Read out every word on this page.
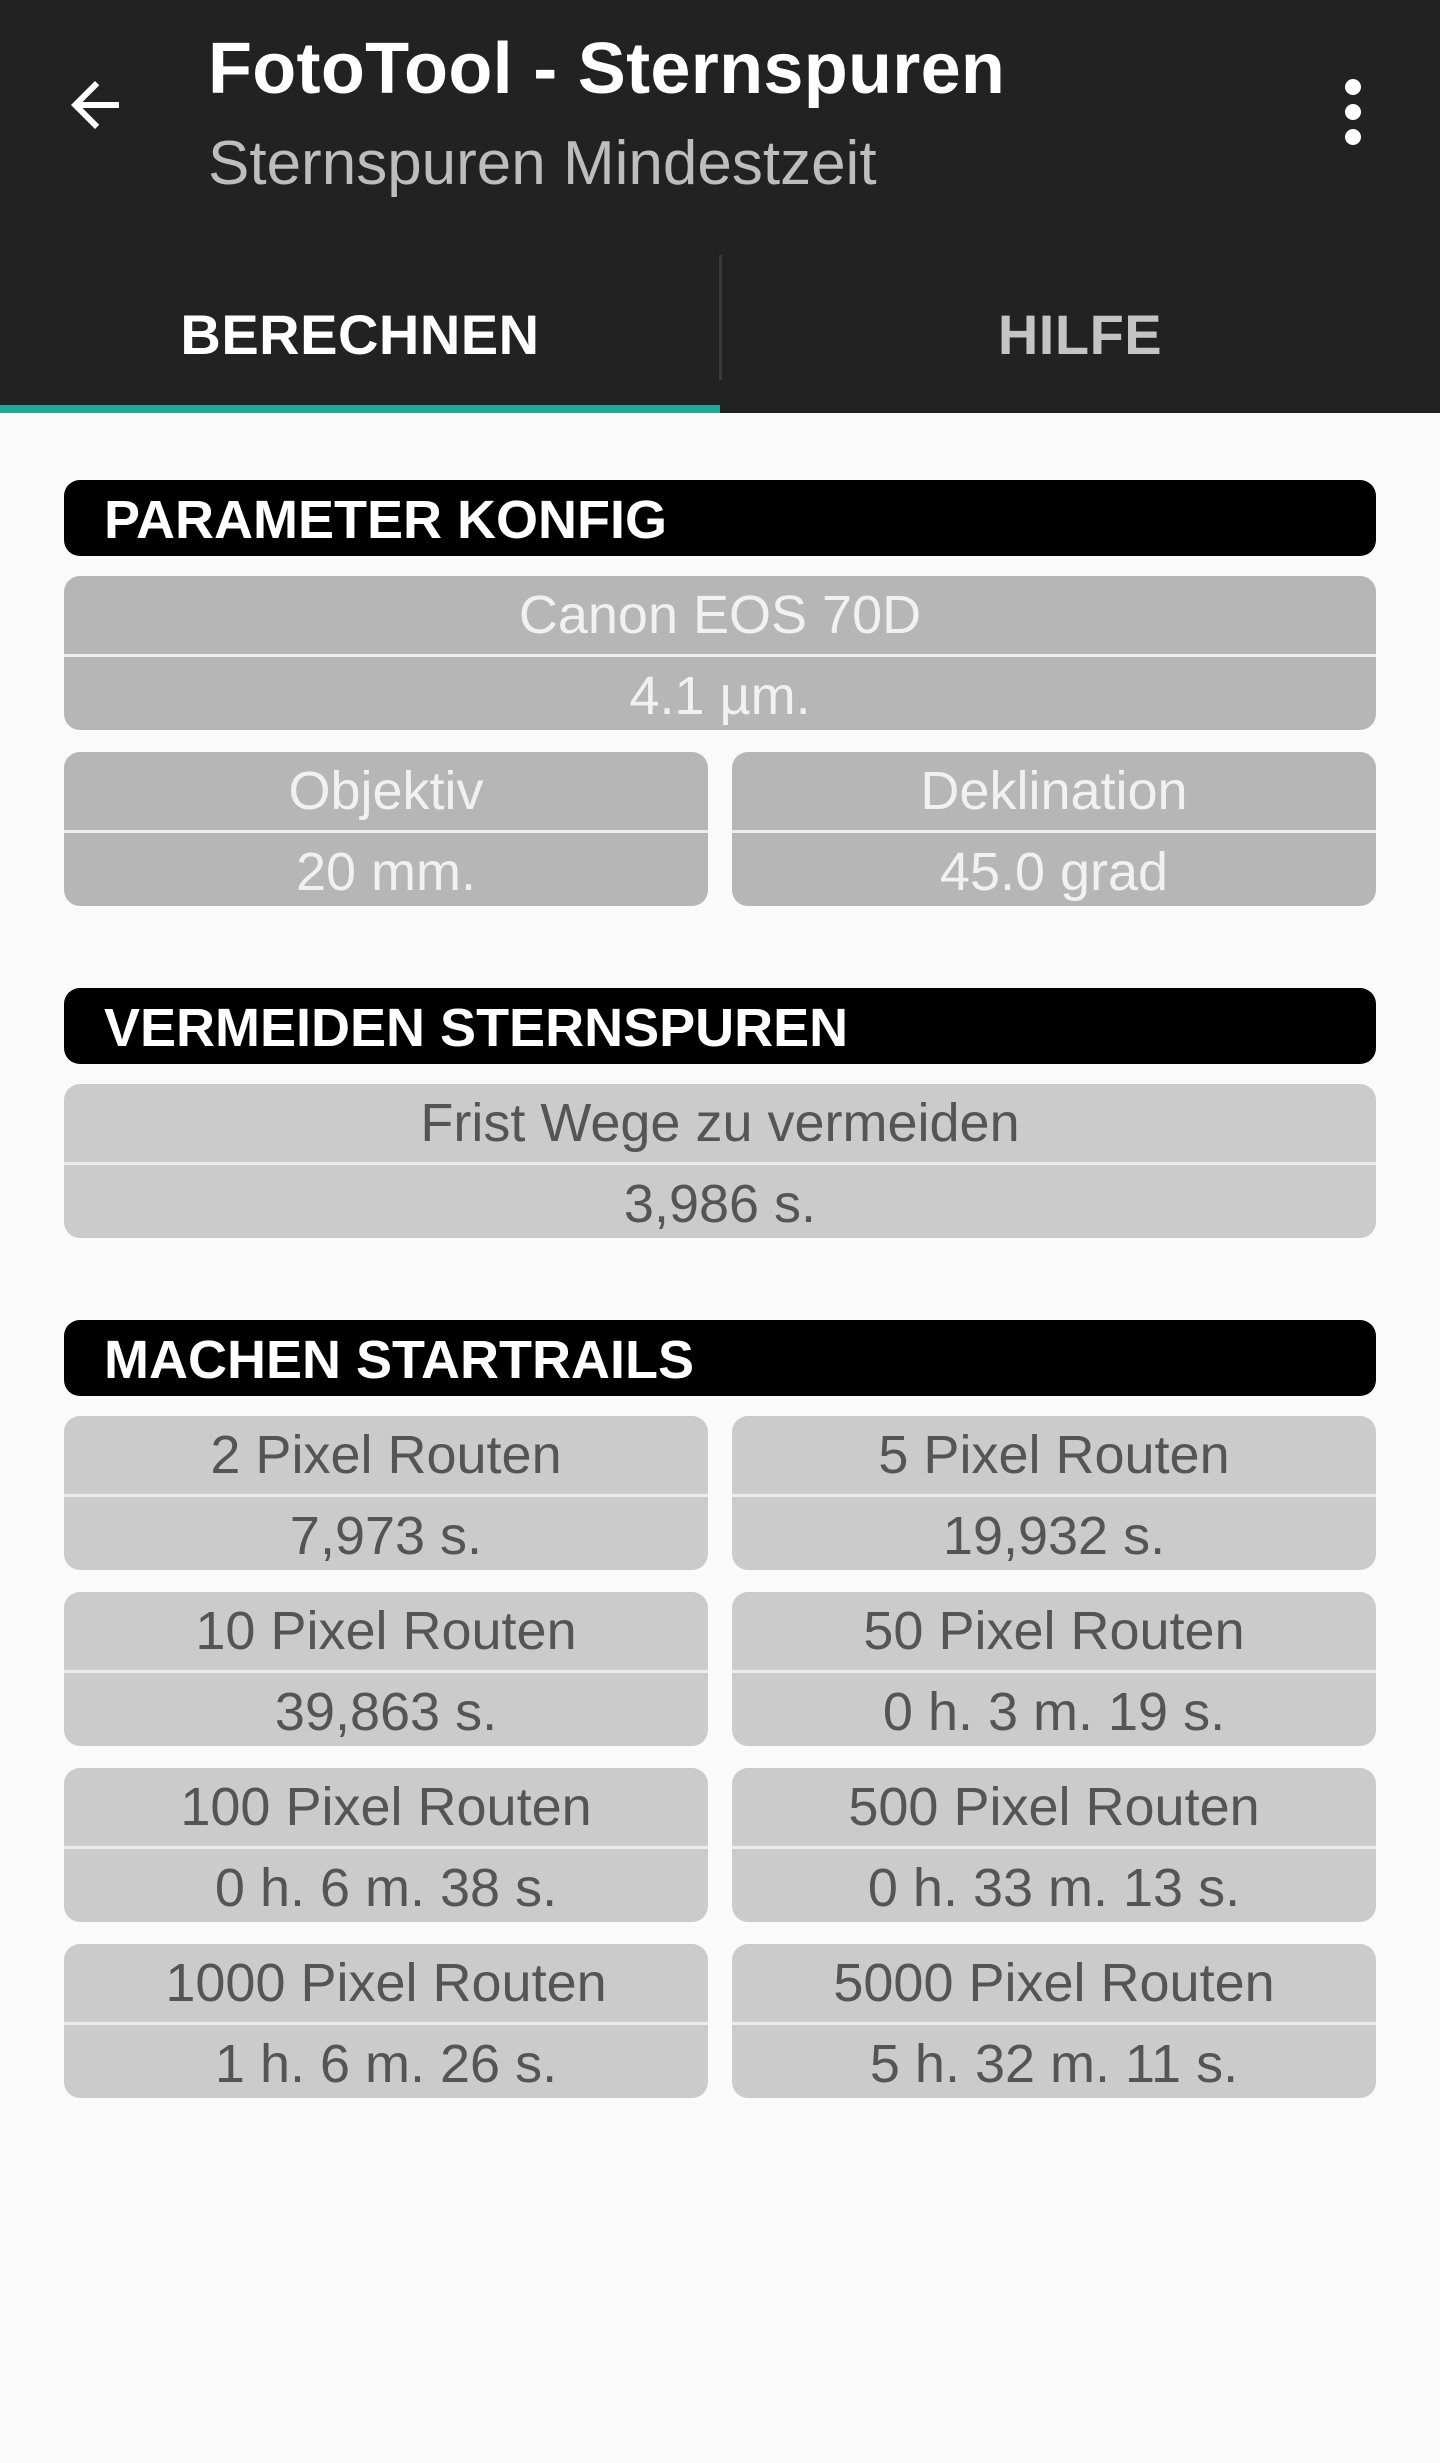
FotoTool - Sternspuren
Sternspuren Mindestzeit
BERECHNEN	HILFE
PARAMETER KONFIG
Canon EOS 70D
4.1 µm.
Objektiv
20 mm.
Deklination
45.0 grad
VERMEIDEN STERNSPUREN
Frist Wege zu vermeiden
3,986 s.
MACHEN STARTRAILS
2 Pixel Routen
7,973 s.
5 Pixel Routen
19,932 s.
10 Pixel Routen
39,863 s.
50 Pixel Routen
0 h. 3 m. 19 s.
100 Pixel Routen
0 h. 6 m. 38 s.
500 Pixel Routen
0 h. 33 m. 13 s.
1000 Pixel Routen
1 h. 6 m. 26 s.
5000 Pixel Routen
5 h. 32 m. 11 s.
